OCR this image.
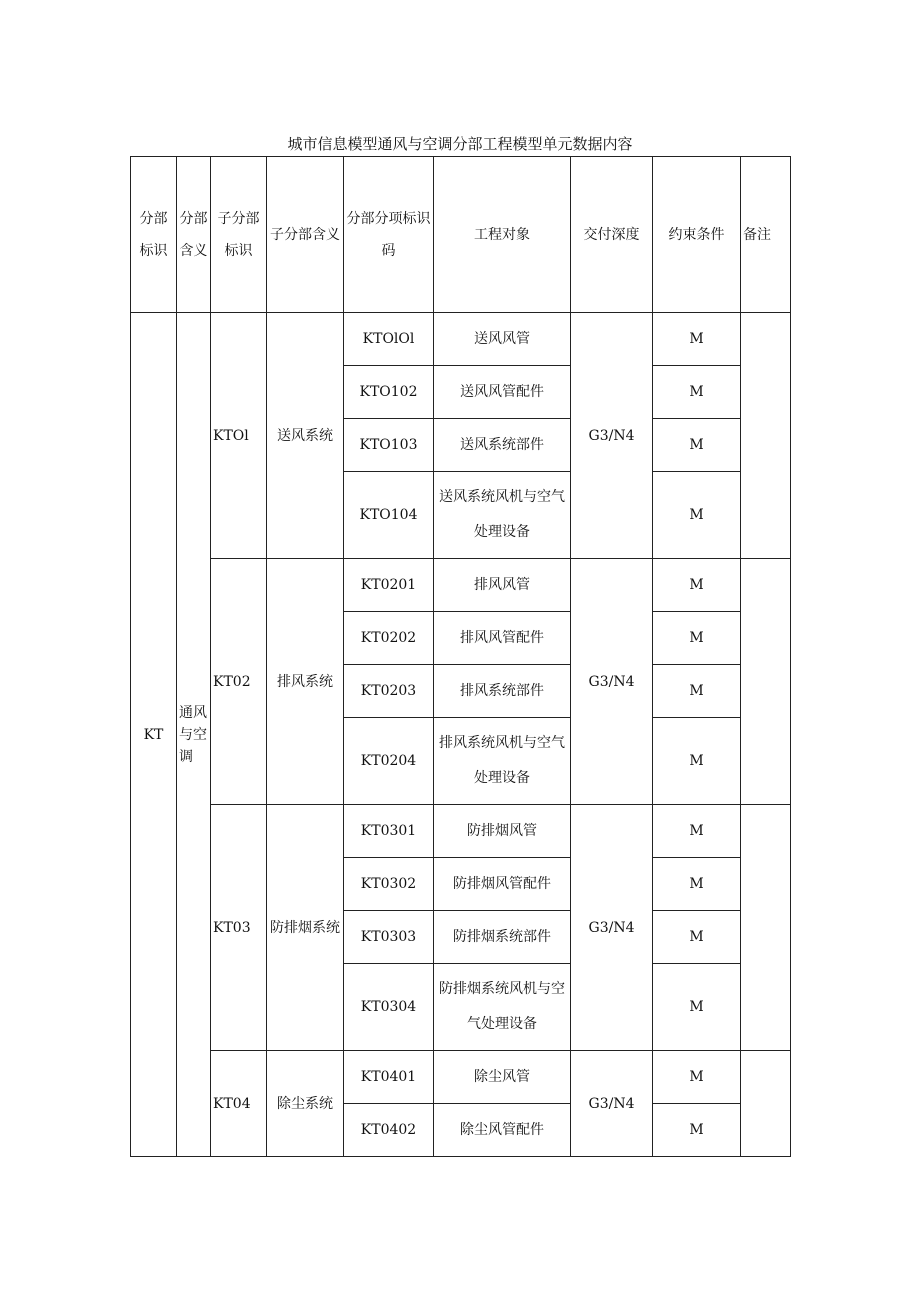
城市信息模型通风与空调分部工程模型单元数据内容
分部标识	分部含义	子分部标识	子分部含义	分部分项标识码	工程对象	交付深度	约束条件	备注
KT	通风与空调	KTOl	送风系统	KTOlOl	送风风管	G3/N4	M	
				KTO102	送风风管配件		M	
				KTO103	送风系统部件		M	
				KTO104	送风系统风机与空气处理设备		M	
		KT02	排风系统	KT0201	排风风管	G3/N4	M	
				KT0202	排风风管配件		M	
				KT0203	排风系统部件		M	
				KT0204	排风系统风机与空气处理设备		M	
		KT03	防排烟系统	KT0301	防排烟风管	G3/N4	M	
				KT0302	防排烟风管配件		M	
				KT0303	防排烟系统部件		M	
				KT0304	防排烟系统风机与空气处理设备		M	
		KT04	除尘系统	KT0401	除尘风管	G3/N4	M	
				KT0402	除尘风管配件		M	
